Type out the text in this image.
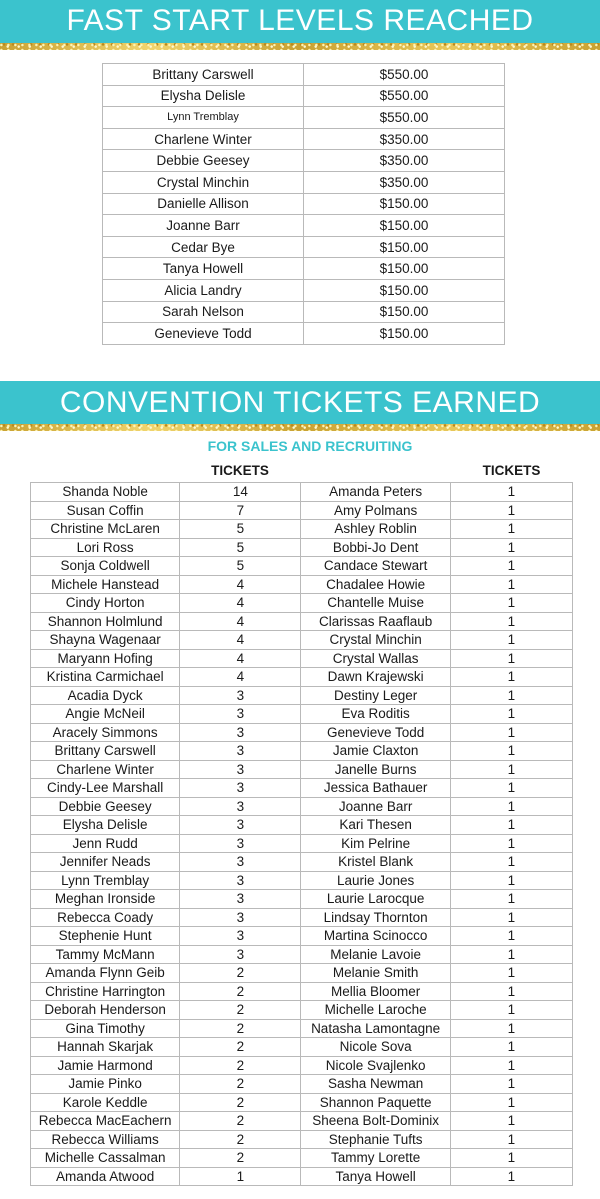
FAST START LEVELS REACHED
Brittany Carswell	$550.00
Elysha Delisle	$550.00
Lynn Tremblay	$550.00
Charlene Winter	$350.00
Debbie Geesey	$350.00
Crystal Minchin	$350.00
Danielle Allison	$150.00
Joanne Barr	$150.00
Cedar Bye	$150.00
Tanya Howell	$150.00
Alicia Landry	$150.00
Sarah Nelson	$150.00
Genevieve Todd	$150.00
CONVENTION TICKETS EARNED
FOR SALES AND RECRUITING
TICKETS	TICKETS
Shanda Noble	14	Amanda Peters	1
Susan Coffin	7	Amy Polmans	1
Christine McLaren	5	Ashley Roblin	1
Lori Ross	5	Bobbi-Jo Dent	1
Sonja Coldwell	5	Candace Stewart	1
Michele Hanstead	4	Chadalee Howie	1
Cindy Horton	4	Chantelle Muise	1
Shannon Holmlund	4	Clarissas Raaflaub	1
Shayna Wagenaar	4	Crystal Minchin	1
Maryann Hofing	4	Crystal Wallas	1
Kristina Carmichael	4	Dawn Krajewski	1
Acadia Dyck	3	Destiny Leger	1
Angie McNeil	3	Eva Roditis	1
Aracely Simmons	3	Genevieve Todd	1
Brittany Carswell	3	Jamie Claxton	1
Charlene Winter	3	Janelle Burns	1
Cindy-Lee Marshall	3	Jessica Bathauer	1
Debbie Geesey	3	Joanne Barr	1
Elysha Delisle	3	Kari Thesen	1
Jenn Rudd	3	Kim Pelrine	1
Jennifer Neads	3	Kristel Blank	1
Lynn Tremblay	3	Laurie Jones	1
Meghan Ironside	3	Laurie Larocque	1
Rebecca Coady	3	Lindsay Thornton	1
Stephenie Hunt	3	Martina Scinocco	1
Tammy McMann	3	Melanie Lavoie	1
Amanda Flynn Geib	2	Melanie Smith	1
Christine Harrington	2	Mellia Bloomer	1
Deborah Henderson	2	Michelle Laroche	1
Gina Timothy	2	Natasha Lamontagne	1
Hannah Skarjak	2	Nicole Sova	1
Jamie Harmond	2	Nicole Svajlenko	1
Jamie Pinko	2	Sasha Newman	1
Karole Keddle	2	Shannon Paquette	1
Rebecca MacEachern	2	Sheena Bolt-Dominix	1
Rebecca Williams	2	Stephanie Tufts	1
Michelle Cassalman	2	Tammy Lorette	1
Amanda Atwood	1	Tanya Howell	1
